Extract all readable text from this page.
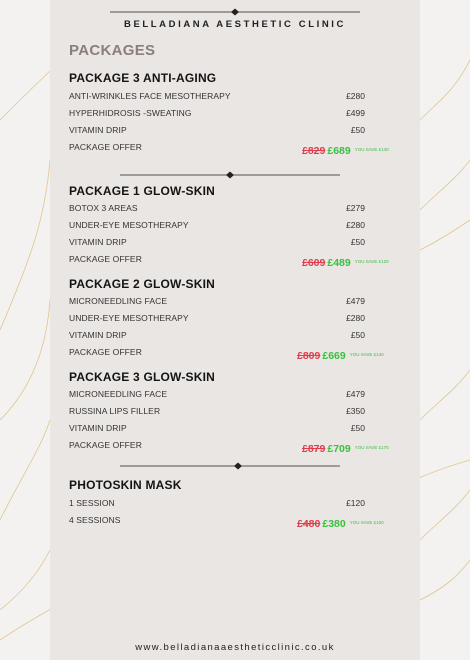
BELLADIANA AESTHETIC CLINIC
PACKAGES
PACKAGE 3 ANTI-AGING
ANTI-WRINKLES FACE MESOTHERAPY	£280
HYPERHIDROSIS -SWEATING	£499
VITAMIN DRIP	£50
PACKAGE OFFER	£829 £689 YOU SAVE £140
PACKAGE 1 GLOW-SKIN
BOTOX 3 AREAS	£279
UNDER-EYE MESOTHERAPY	£280
VITAMIN DRIP	£50
PACKAGE OFFER	£609 £489 YOU SAVE £120
PACKAGE 2 GLOW-SKIN
MICRONEEDLING FACE	£479
UNDER-EYE MESOTHERAPY	£280
VITAMIN DRIP	£50
PACKAGE OFFER	£809 £669 YOU SAVE £140
PACKAGE 3 GLOW-SKIN
MICRONEEDLING FACE	£479
RUSSINA LIPS FILLER	£350
VITAMIN DRIP	£50
PACKAGE OFFER	£879 £709 YOU SAVE £170
PHOTOSKIN MASK
1 SESSION	£120
4 SESSIONS	£480 £380 YOU SAVE £100
www.belladianaaestheticclinic.co.uk
